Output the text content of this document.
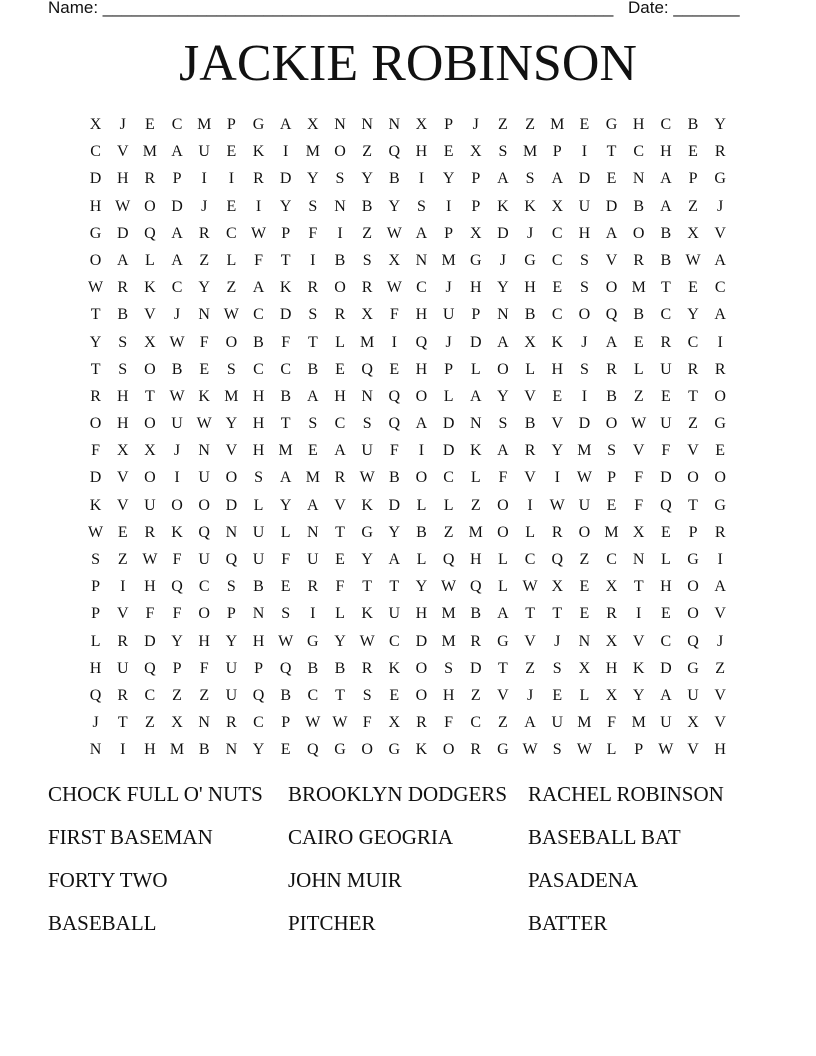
Name: ______________________________________________________ Date: _______
JACKIE ROBINSON
X	J	E	C M P	G A X N N N X	P	J	Z	Z M E	G H	C	B	Y
C	V M A U	E	K	I	M O	Z	Q H	E	X	S M P	I	T	C	H	E	R
D H	R	P	I	I	R	D Y	S	Y	B	I	Y	P	A	S	A D	E	N A	P	G
H W O D	J	E	I	Y	S	N	B	Y	S	I	P	K K X U D	B	A	Z	J
G D Q A	R	C W P	F	I	Z W A	P	X D	J	C	H A O	B	X V
O A	L	A	Z	L	F	T	I	B	S	X N M G	J	G	C	S	V	R	B W A
W R	K	C	Y	Z	A K	R	O	R W C	J	H Y H	E	S	O M T	E	C
T	B	V	J	N W C	D	S	R	X	F	H U	P	N	B	C	O Q	B	C	Y A
Y	S	X W F	O	B	F	T	L M	I	Q	J	D A X K	J	A	E	R	C	I
T	S	O	B	E	S	C	C	B	E	Q	E	H	P	L	O	L	H	S	R	L	U	R	R
R	H	T W K M H	B	A H N Q O	L	A Y V	E	I	B	Z	E	T	O
O H O U W Y H	T	S	C	S	Q A D N	S	B	V D O W U	Z	G
F	X X	J	N V H M E	A U	F	I	D K A	R	Y M S	V	F	V	E
D V O	I	U O	S	A M R W B	O	C	L	F	V	I	W P	F	D O O
K V U O O D	L	Y A V K D	L	L	Z	O	I	W U	E	F	Q	T	G
W E	R	K Q N U	L	N	T	G Y	B	Z M O	L	R	O M X	E	P	R
S	Z W F	U Q U	F	U	E	Y A	L	Q H	L	C	Q	Z	C	N	L	G	I
P	I	H Q	C	S	B	E	R	F	T	T	Y W Q	L W X	E	X	T	H O A
P	V	F	F	O	P	N	S	I	L	K U H M B	A	T	T	E	R	I	E	O V
L	R	D Y H Y H W G Y W C	D M R	G V	J	N X V	C	Q	J
H U Q	P	F	U	P	Q	B	B	R	K O	S	D	T	Z	S	X H K D G	Z
Q	R	C	Z	Z	U Q	B	C	T	S	E	O H	Z	V	J	E	L	X Y A U V
J	T	Z	X N	R	C	P W W F	X	R	F	C	Z	A U M F M U X V
N	I	H M B	N Y	E	Q G O G K O	R	G W S W L	P W V H
CHOCK FULL O' NUTS	BROOKLYN DODGERS	RACHEL ROBINSON
FIRST BASEMAN	CAIRO GEOGRIA	BASEBALL BAT
FORTY TWO	JOHN MUIR	PASADENA
BASEBALL	PITCHER	BATTER
